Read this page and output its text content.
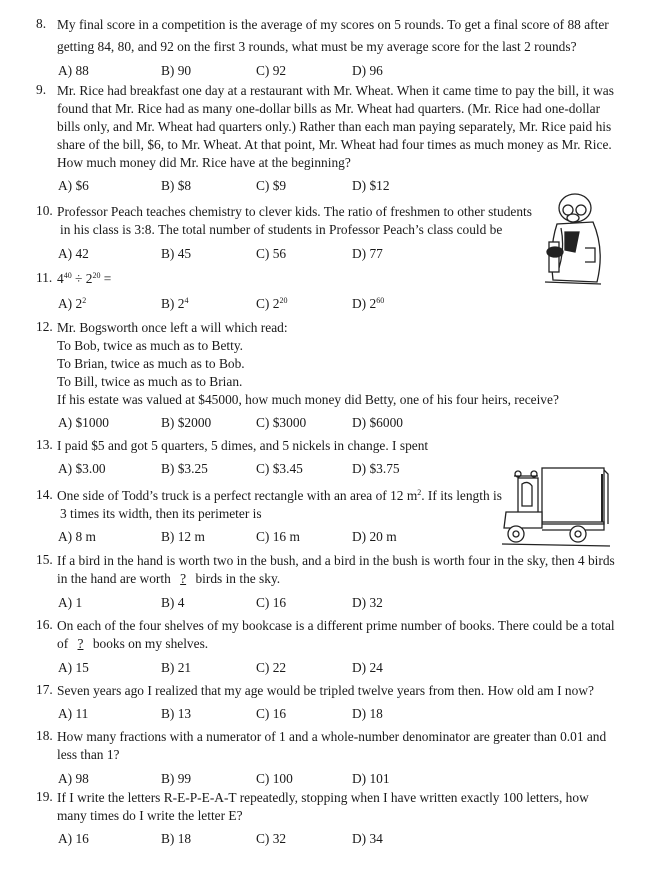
8. My final score in a competition is the average of my scores on 5 rounds. To get a final score of 88 after
getting 84, 80, and 92 on the first 3 rounds, what must be my average score for the last 2 rounds?
A) 88	B) 90	C) 92	D) 96
9. Mr. Rice had breakfast one day at a restaurant with Mr. Wheat. When it came time to pay the bill, it was
found that Mr. Rice had as many one-dollar bills as Mr. Wheat had quarters. (Mr. Rice had one-dollar
bills only, and Mr. Wheat had quarters only.) Rather than each man paying separately, Mr. Rice paid his
share of the bill, $6, to Mr. Wheat. At that point, Mr. Wheat had four times as much money as Mr. Rice.
How much money did Mr. Rice have at the beginning?
A) $6	B) $8	C) $9	D) $12
10. Professor Peach teaches chemistry to clever kids. The ratio of freshmen to other students
in his class is 3:8. The total number of students in Professor Peach’s class could be
A) 42	B) 45	C) 56	D) 77
11. $4^{40} \div 2^{20}$ =
A) $2^2$	B) $2^4$	C) $2^{20}$	D) $2^{60}$
12. Mr. Bogsworth once left a will which read:
To Bob, twice as much as to Betty.
To Brian, twice as much as to Bob.
To Bill, twice as much as to Brian.
If his estate was valued at $45000, how much money did Betty, one of his four heirs, receive?
A) $1000	B) $2000	C) $3000	D) $6000
13. I paid $5 and got 5 quarters, 5 dimes, and 5 nickels in change. I spent
A) $3.00	B) $3.25	C) $3.45	D) $3.75
14. One side of Todd’s truck is a perfect rectangle with an area of 12 $m^2$. If its length is
3 times its width, then its perimeter is
A) 8 m	B) 12 m	C) 16 m	D) 20 m
15. If a bird in the hand is worth two in the bush, and a bird in the bush is worth four in the sky, then 4 birds
in the hand are worth ? birds in the sky.
A) 1	B) 4	C) 16	D) 32
16. On each of the four shelves of my bookcase is a different prime number of books. There could be a total
of ? books on my shelves.
A) 15	B) 21	C) 22	D) 24
17. Seven years ago I realized that my age would be tripled twelve years from then. How old am I now?
A) 11	B) 13	C) 16	D) 18
18. How many fractions with a numerator of 1 and a whole-number denominator are greater than 0.01 and
less than 1?
A) 98	B) 99	C) 100	D) 101
19. If I write the letters R-E-P-E-A-T repeatedly, stopping when I have written exactly 100 letters, how
many times do I write the letter E?
A) 16	B) 18	C) 32	D) 34
